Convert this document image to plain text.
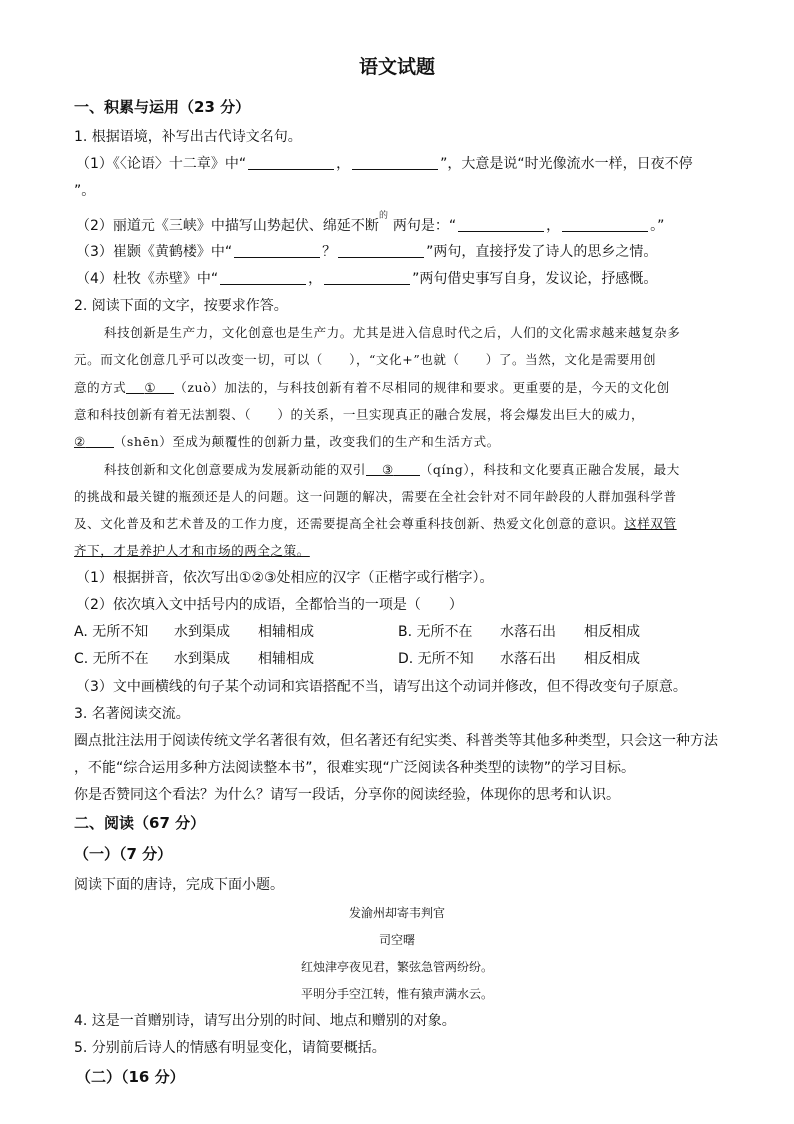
语文试题
一、积累与运用（23 分）
1. 根据语境，补写出古代诗文名句。
（1）《〈论语〉十二章》中“	，	”，大意是说“时光像流水一样，日夜不停
”。
的
（2）丽道元《三峡》中描写山势起伏、绵延不断 两句是：“	，	。”
（3）崔颢《黄鹤楼》中“	？	”两句，直接抒发了诗人的思乡之情。
（4）杜牧《赤壁》中“	，	”两句借史事写自身，发议论，抒感慨。
2. 阅读下面的文字，按要求作答。
科技创新是生产力，文化创意也是生产力。尤其是进入信息时代之后，人们的文化需求越来越复杂多
元。而文化创意几乎可以改变一切，可以（　　），“文化+”也就（　　）了。当然，文化是需要用创
意的方式 ① （zuò）加法的，与科技创新有着不尽相同的规律和要求。更重要的是，今天的文化创
意和科技创新有着无法割裂、（　　）的关系，一旦实现真正的融合发展，将会爆发出巨大的威力，
② （shēn）至成为颠覆性的创新力量，改变我们的生产和生活方式。
科技创新和文化创意要成为发展新动能的双引 ③ （qíng），科技和文化要真正融合发展，最大
的挑战和最关键的瓶颈还是人的问题。这一问题的解决，需要在全社会针对不同年龄段的人群加强科学普
及、文化普及和艺术普及的工作力度，还需要提高全社会尊重科技创新、热爱文化创意的意识。这样双管
齐下，才是养护人才和市场的两全之策。
（1）根据拼音，依次写出①②③处相应的汉字（正楷字或行楷字）。
（2）依次填入文中括号内的成语，全都恰当的一项是（　　）
A. 无所不知 水到渠成 相辅相成	B. 无所不在 水落石出 相反相成
C. 无所不在 水到渠成 相辅相成	D. 无所不知 水落石出 相反相成
（3）文中画横线的句子某个动词和宾语搭配不当，请写出这个动词并修改，但不得改变句子原意。
3. 名著阅读交流。
圈点批注法用于阅读传统文学名著很有效，但名著还有纪实类、科普类等其他多种类型，只会这一种方法
，不能“综合运用多种方法阅读整本书”，很难实现“广泛阅读各种类型的读物”的学习目标。
你是否赞同这个看法？为什么？请写一段话，分享你的阅读经验，体现你的思考和认识。
二、阅读（67 分）
（一）（7 分）
阅读下面的唐诗，完成下面小题。
发渝州却寄韦判官
司空曙
红烛津亭夜见君，繁弦急管两纷纷。
平明分手空江转，惟有猿声满水云。
4. 这是一首赠别诗，请写出分别的时间、地点和赠别的对象。
5. 分别前后诗人的情感有明显变化，请简要概括。
（二）（16 分）
